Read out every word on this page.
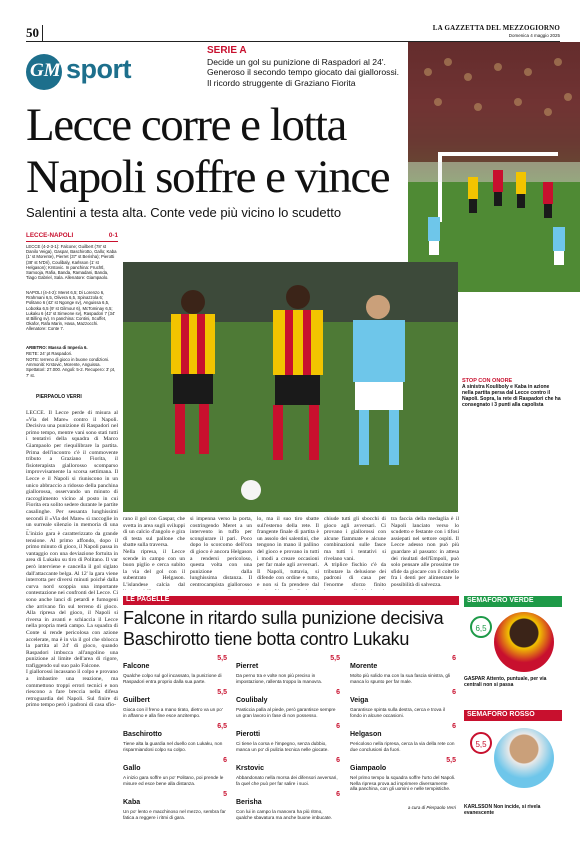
50	LA GAZZETTA DEL MEZZOGIORNO
Domenica 4 maggio 2025
GM sport
SERIE A
Decide un gol su punizione di Raspadori al 24'. Generoso il secondo tempo giocato dai giallorossi. Il ricordo struggente di Graziano Fiorita
Lecce corre e lotta
Napoli soffre e vince
Salentini a testa alta. Conte vede più vicino lo scudetto
LECCE-NAPOLI	0-1
LECCE (4-2-3-1): Falcone; Guilbert (78' st Danilo Veiga), Gaspar, Baschirotto, Gallo; Kaba (1' st Morente), Pierret (37' st Berisha); Pierotti (38' st N'Dri), Coulibaly, Karlsson (1' st Helgason); Krstovic. In panchina: Fruchtl, Samooja, Rafia, Banda, Ramadani, Banda, Tiago Gabriel, Sala. Allenatore: Giampaolo.
NAPOLI (4-4-2): Meret 6,5; Di Lorenzo 6, Rrahmani 6,5, Olivera 6,5, Spinazzola 6; Politano 6 (42' st Ngonge sv), Anguissa 6,5, Lobotka 6,5 (9' st Gilmour 6), McTominay 6,5; Lukaku 6 (42' st Simeone sv), Raspadori 7 (34' st Billing sv). In panchina: Contini, Scuffet, Okafor, Rafa Marin, Hasa, Mazzocchi. Allenatore: Conte 7.
ARBITRO: Massa di Imperia 6.
RETE: 24' pt Raspadori.
NOTE: terreno di gioco in buone condizioni. Ammoniti: Krstovic, Morente, Anguissa. Spettatori: 27.000. Angoli: 5-2. Recupero: 3' pt, 7' st.
PIERPAOLO VERRI
STOP CON ONORE
A sinistra Kouliboly e Kaba in azione nella partita persa dal Lecce contro il Napoli. Sopra, la rete di Raspadori che ha consegnato i 3 punti alla capolista
LECCE. Il Lecce perde di misura al «Via del Mare» contro il Napoli. Decisiva una punizione di Raspadori nel primo tempo, mentre vani sono stati tutti i tentativi della squadra di Marco Giampaolo per riequilibrare la partita. Prima dell'incontro c'è il commovente tributo a Graziano Fiorita, il fisioterapista giallorosso scomparso improvvisamente la scorsa settimana. Il Lecce e il Napoli si riuniscono in un unico abbraccio a ridosso della panchina giallorossa, osservando un minuto di raccoglimento vicino al posto in cui Fiorita era solito sedere durante le partite casalinghe. Per sessanta lunghissimi secondi il «Via del Mare» sì raccoglie in un surreale silenzio in memoria di una
L'inizio gara è caratterizzato da grande tensione. Al primo affondo, dopo il primo minuto di gioco, il Napoli passa in vantaggio con una deviazione fortuita in area di Lukaku su tiro di Politano. Il var però interviene e cancella il gol siglato dall'attaccante belga. Al 12' la gara viene interrotta per diversi minuti poiché dalla curva nord scoppia una importante contestazione nei confronti del Lecce. Ci sono anche lanci di petardi e fumogeni che arrivano fin sul terreno di gioco. Alla ripresa del gioco, il Napoli si riversa in avanti e schiaccia il Lecce nella propria metà campo. La squadra di Conte si rende pericolosa con azione accelerate, ma è in via il gol che sblocca la partita al 24' di gioco, quando Raspadori imbucca all'angolino una punizione al limite dell'area di rigore, trafiggendo sul suo palo Falcone.
I giallorossi incassano il colpo e provano a imbastire una reazione, ma commettono troppi errori tecnici e non riescono a fare breccia nella difesa retroguardia del Napoli. Sul finire di primo tempo però i padroni di casa sfio-
rano il gol con Gaspar, che svetta in area sugli sviluppi di un calcio d'angolo e gira di testa sul pallone che sbatte sulla traversa.
Nella ripresa, il Lecce scende in campo con un buon piglio e cerca subito la via del gol con il subentrato Helgason. L'islandese calcia dal
si impenna verso la porta, costringendo Meret a un intervento in tuffo per scongiurare il pari. Poco dopo lo scorcomo dell'ora di gioco è ancora Helgason a rendersi pericoloso, questa volta con una punizione dalla lunghissima distanza. Il centrocampista giallorosso
lo, ma il suo tiro sbatte sull'esterno della rete. Il frangente finale di partita è un assolo dei salentini, che tengono in mano il pallino del gioco e provano in tutti i modi a creare occasioni per far male agli avversari. Il Napoli, tuttavia, si difende con ordine e tutto, e non si fa prendere dal
chiude tutti gli sbocchi di gioco agli avversari. Ci provano i giallorossi con alcune fiammate e alcune combinazioni sulle fasce ma tutti i tentativi si rivelano vani.
A triplice fischio c'è da tributare la delusione dei padroni di casa per l'enorme sforzo finito
tra faccia della medaglia è il Napoli lanciato verso lo scudetto e festante con i tifosi assiepati nel settore ospiti. Il Lecce adesso non può più guardare al passato: in attesa dei risultati dell'Empoli, può solo pensare alle prossime tre sfide da giocare con il coltello fra i denti per alimentare le possibilità di salvezza.
LE PAGELLE
Falcone in ritardo sulla punizione decisiva
Baschirotto tiene botta contro Lukaku
Falcone
5,5
Qualche colpo sul gol incassato, la punizione di Raspadori entra proprio dalla sua parte.
Guilbert
5,5
Gioca con il freno a mano tirato, dietro va un po' in affanno e alla fine esce anzitempo.
Baschirotto
6,5
Tiene alta la guardia nel duello con Lukaku, non risparmiandosi colpo su colpo.
Gallo
6
A inizio gara soffre un po' Politano, poi prende le misure ed esce bene alla distanza.
Kaba
5
Un po' lento e macchinoso nel mezzo, sembra far fatica a reggere i ritmi di gara.
Pierret
5,5
Da perno tra e volte non più preciso in impostazione, rallenta troppo la manovra.
Coulibaly
6
Pasticcia palla al piede, però garantisce sempre un gran lavoro in fase di non possesso.
Pierotti
6
Ci tiene la corsa e l'impegno, senza dubbio, manca un po' di pulizia tecnica nelle giocate.
Krstovic
6
Abbandonato nella morsa dei difensori avversari, fa quel che può per far salire i suoi.
Berisha
6
Con lui in campo la manovra ha più ritmo, qualche sbavatura ma anche buone imbucate.
Morente
6
Molto più solido ma con la sua fascia sinistra, gli manca lo spunto per far male.
Veiga
6
Garantisce spinta sulla destra, cerca e trova il fondo in alcune occasioni.
Helgason
6
Pericoloso nella ripresa, cerca la via della rete con due conclusioni da fuori.
Giampaolo
5,5
Nel primo tempo la squadra soffre l'urto del Napoli. Nella ripresa prova ad imprimere diversamente alla panchina, con gli uomini e nelle tempistiche.
a cura di Pierpaolo Verri
SEMAFORO VERDE
6,5
GASPAR Attento, puntuale, per via centrali non si passa
SEMAFORO ROSSO
5,5
KARLSSON Non incide, si rivela evanescente
